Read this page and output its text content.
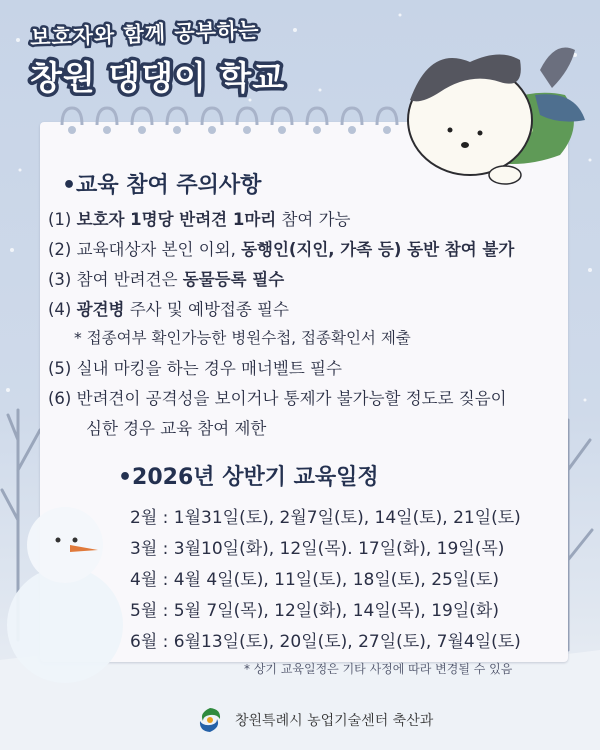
보호자와 함께 공부하는
창원 댕댕이 학교
•교육 참여 주의사항
(1) 보호자 1명당 반려견 1마리 참여 가능
(2) 교육대상자 본인 이외, 동행인(지인, 가족 등) 동반 참여 불가
(3) 참여 반려견은 동물등록 필수
(4) 광견병 주사 및 예방접종 필수
* 접종여부 확인가능한 병원수첩, 접종확인서 제출
(5) 실내 마킹을 하는 경우 매너벨트 필수
(6) 반려견이 공격성을 보이거나 통제가 불가능할 정도로 짖음이
심한 경우 교육 참여 제한
•2026년 상반기 교육일정
2월 : 1월31일(토), 2월7일(토), 14일(토), 21일(토)
3월 : 3월10일(화), 12일(목). 17일(화), 19일(목)
4월 : 4월 4일(토), 11일(토), 18일(토), 25일(토)
5월 : 5월 7일(목), 12일(화), 14일(목), 19일(화)
6월 : 6월13일(토), 20일(토), 27일(토), 7월4일(토)
* 상기 교육일정은 기타 사정에 따라 변경될 수 있음
창원특례시 농업기술센터 축산과
